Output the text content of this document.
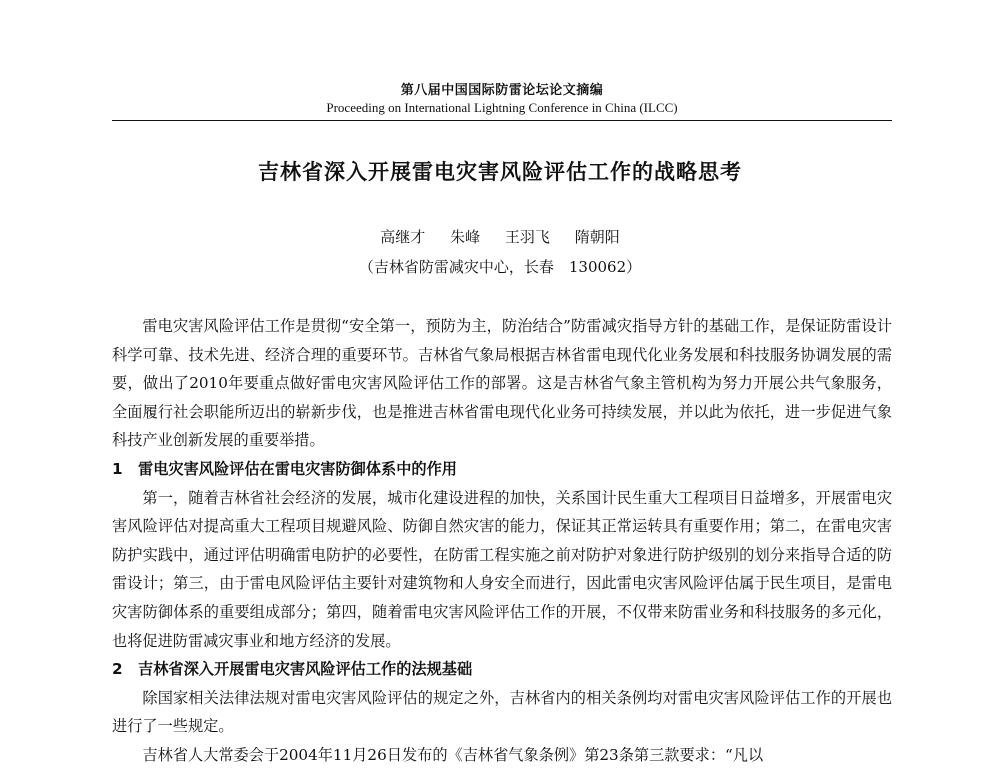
第八届中国国际防雷论坛论文摘编
Proceeding on International Lightning Conference in China (ILCC)
吉林省深入开展雷电灾害风险评估工作的战略思考
高继才 朱峰 王羽飞 隋朝阳
（吉林省防雷减灾中心，长春　130062）

雷电灾害风险评估工作是贯彻“安全第一，预防为主，防治结合”防雷减灾指导方针的基础工作，是保证防雷设计科学可靠、技术先进、经济合理的重要环节。吉林省气象局根据吉林省雷电现代化业务发展和科技服务协调发展的需要，做出了2010年要重点做好雷电灾害风险评估工作的部署。这是吉林省气象主管机构为努力开展公共气象服务，全面履行社会职能所迈出的崭新步伐，也是推进吉林省雷电现代化业务可持续发展，并以此为依托，进一步促进气象科技产业创新发展的重要举措。

1 雷电灾害风险评估在雷电灾害防御体系中的作用

第一，随着吉林省社会经济的发展，城市化建设进程的加快，关系国计民生重大工程项目日益增多，开展雷电灾害风险评估对提高重大工程项目规避风险、防御自然灾害的能力，保证其正常运转具有重要作用；第二，在雷电灾害防护实践中，通过评估明确雷电防护的必要性，在防雷工程实施之前对防护对象进行防护级别的划分来指导合适的防雷设计；第三，由于雷电风险评估主要针对建筑物和人身安全而进行，因此雷电灾害风险评估属于民生项目，是雷电灾害防御体系的重要组成部分；第四，随着雷电灾害风险评估工作的开展，不仅带来防雷业务和科技服务的多元化，也将促进防雷减灾事业和地方经济的发展。

2 吉林省深入开展雷电灾害风险评估工作的法规基础

除国家相关法律法规对雷电灾害风险评估的规定之外，吉林省内的相关条例均对雷电灾害风险评估工作的开展也进行了一些规定。

吉林省人大常委会于2004年11月26日发布的《吉林省气象条例》第23条第三款要求：“凡以
